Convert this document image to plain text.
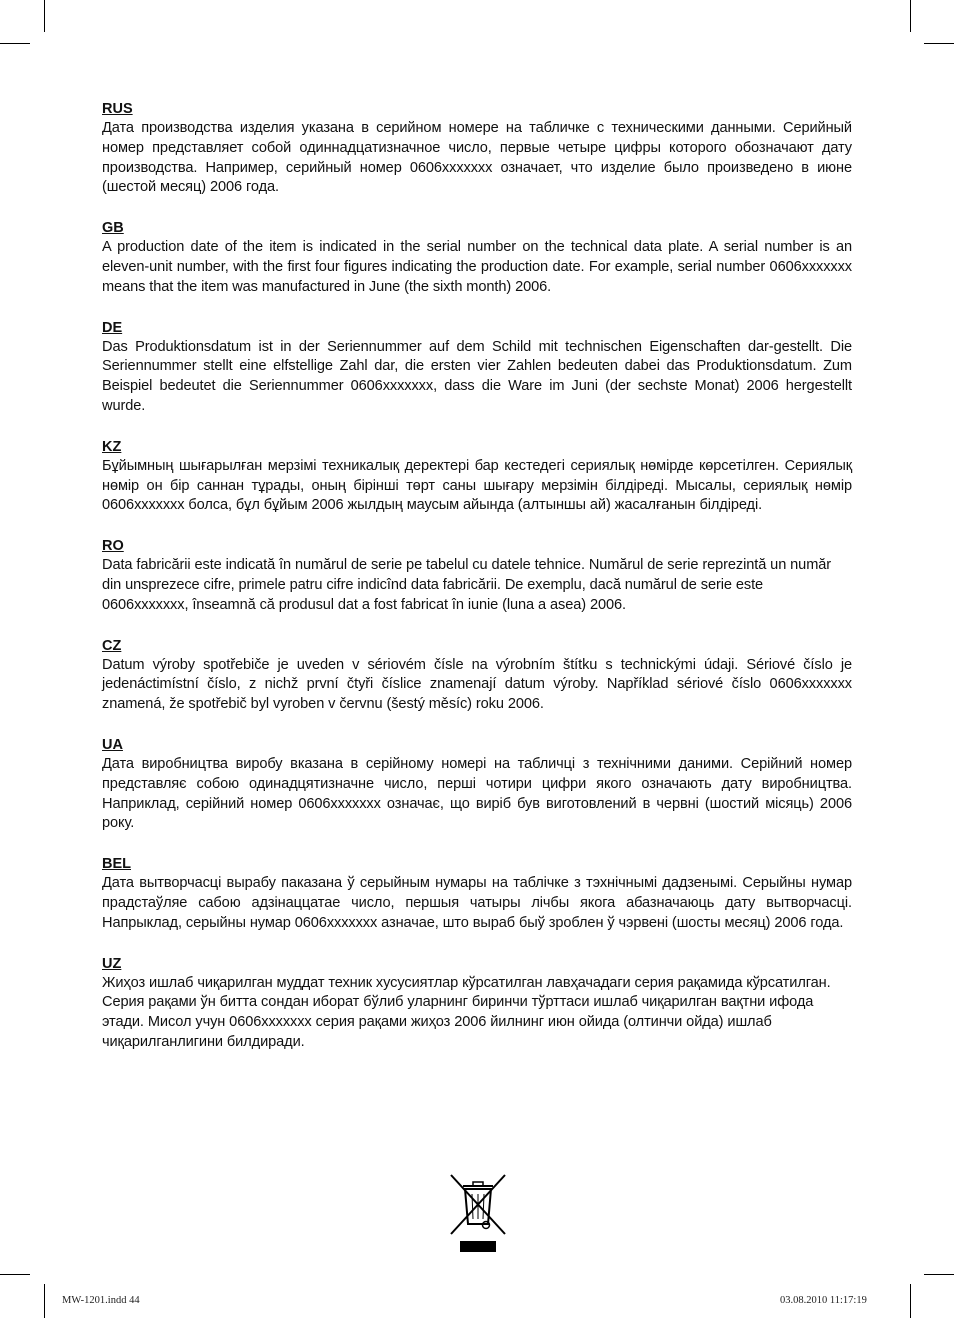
RUS
Дата производства изделия указана в серийном номере на табличке с техническими данными. Серийный номер представляет собой одиннадцатизначное число, первые четыре цифры которого обозначают дату производства. Например, серийный номер 0606xxxxxxx означает, что изделие было произведено в июне (шестой месяц) 2006 года.
GB
A production date of the item is indicated in the serial number on the technical data plate. A serial number is an eleven-unit number, with the first four figures indicating the production date. For example, serial number 0606xxxxxxx means that the item was manufactured in June (the sixth month) 2006.
DE
Das Produktionsdatum ist in der Seriennummer auf dem Schild mit technischen Eigenschaften dar-gestellt. Die Seriennummer stellt eine elfstellige Zahl dar, die ersten vier Zahlen bedeuten dabei das Produktionsdatum. Zum Beispiel bedeutet die Seriennummer 0606xxxxxxx, dass die Ware im Juni (der sechste Monat) 2006 hergestellt wurde.
KZ
Бұйымның шығарылған мерзімі техникалық деректері бар кестедегі сериялық нөмірде көрсетілген. Сериялық нөмір он бір саннан тұрады, оның бірінші төрт саны шығару мерзімін білдіреді. Мысалы, сериялық нөмір 0606xxxxxxx болса, бұл бұйым 2006 жылдың маусым айында (алтыншы ай) жасалғанын білдіреді.
RO
Data fabricării este indicată în numărul de serie pe tabelul cu datele tehnice. Numărul de serie reprezintă un număr din unsprezece cifre, primele patru cifre indicînd data fabricării. De exemplu, dacă numărul de serie este 0606xxxxxxx, înseamnă că produsul dat a fost fabricat în iunie (luna a asea) 2006.
CZ
Datum výroby spotřebiče je uveden v sériovém čísle na výrobním štítku s technickými údaji. Sériové číslo je jedenáctimístní číslo, z nichž první čtyři číslice znamenají datum výroby. Například sériové číslo 0606xxxxxxx znamená, že spotřebič byl vyroben v červnu (šestý měsíc) roku 2006.
UA
Дата виробництва виробу вказана в серійному номері на табличці з технічними даними. Серійний номер представляє собою одинадцятизначне число, перші чотири цифри якого означають дату виробництва. Наприклад, серійний номер 0606xxxxxxx означає, що виріб був виготовлений в червні (шостий місяць) 2006 року.
BEL
Дата вытворчасці вырабу паказана ў серыйным нумары на таблічке з тэхнічнымі дадзенымі. Серыйны нумар прадстаўляе сабою адзінаццатае число, першыя чатыры лічбы якога абазначаюць дату вытворчасці. Напрыклад, серыйны нумар 0606xxxxxxx азначае, што выраб быў зроблен ў чэрвені (шосты месяц) 2006 года.
UZ
Жиҳоз ишлаб чиқарилган муддат техник хусусиятлар кўрсатилган лавҳачадаги серия рақамида кўрсатилган. Серия рақами ўн битта сондан иборат бўлиб уларнинг биринчи тўрттаси ишлаб чиқарилган вақтни ифода этади. Мисол учун 0606xxxxxxx серия рақами жиҳоз 2006 йилнинг июн ойида (олтинчи ойда) ишлаб чиқарилганлигини билдиради.
MW-1201.indd 44	03.08.2010 11:17:19
